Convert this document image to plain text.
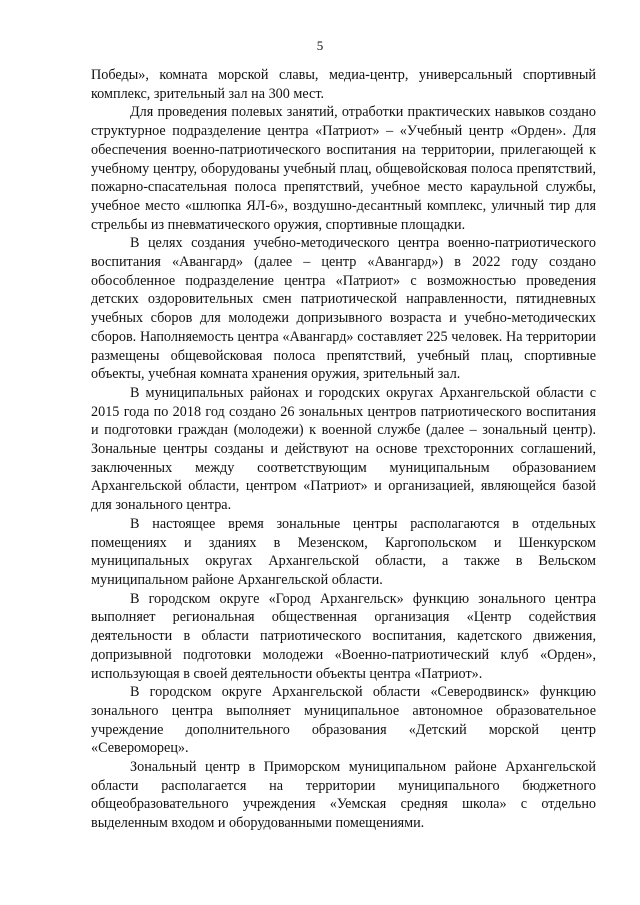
5

Победы», комната морской славы, медиа-центр, универсальный спортивный комплекс, зрительный зал на 300 мест.

Для проведения полевых занятий, отработки практических навыков создано структурное подразделение центра «Патриот» – «Учебный центр «Орден». Для обеспечения военно-патриотического воспитания на территории, прилегающей к учебному центру, оборудованы учебный плац, общевойсковая полоса препятствий, пожарно-спасательная полоса препятствий, учебное место караульной службы, учебное место «шлюпка ЯЛ-6», воздушно-десантный комплекс, уличный тир для стрельбы из пневматического оружия, спортивные площадки.

В целях создания учебно-методического центра военно-патриотического воспитания «Авангард» (далее – центр «Авангард») в 2022 году создано обособленное подразделение центра «Патриот» с возможностью проведения детских оздоровительных смен патриотической направленности, пятидневных учебных сборов для молодежи допризывного возраста и учебно-методических сборов. Наполняемость центра «Авангард» составляет 225 человек. На территории размещены общевойсковая полоса препятствий, учебный плац, спортивные объекты, учебная комната хранения оружия, зрительный зал.

В муниципальных районах и городских округах Архангельской области с 2015 года по 2018 год создано 26 зональных центров патриотического воспитания и подготовки граждан (молодежи) к военной службе (далее – зональный центр). Зональные центры созданы и действуют на основе трехсторонних соглашений, заключенных между соответствующим муниципальным образованием Архангельской области, центром «Патриот» и организацией, являющейся базой для зонального центра.

В настоящее время зональные центры располагаются в отдельных помещениях и зданиях в Мезенском, Каргопольском и Шенкурском муниципальных округах Архангельской области, а также в Вельском муниципальном районе Архангельской области.

В городском округе «Город Архангельск» функцию зонального центра выполняет региональная общественная организация «Центр содействия деятельности в области патриотического воспитания, кадетского движения, допризывной подготовки молодежи «Военно-патриотический клуб «Орден», использующая в своей деятельности объекты центра «Патриот».

В городском округе Архангельской области «Северодвинск» функцию зонального центра выполняет муниципальное автономное образовательное учреждение дополнительного образования «Детский морской центр «Североморец».

Зональный центр в Приморском муниципальном районе Архангельской области располагается на территории муниципального бюджетного общеобразовательного учреждения «Уемская средняя школа» с отдельно выделенным входом и оборудованными помещениями.
